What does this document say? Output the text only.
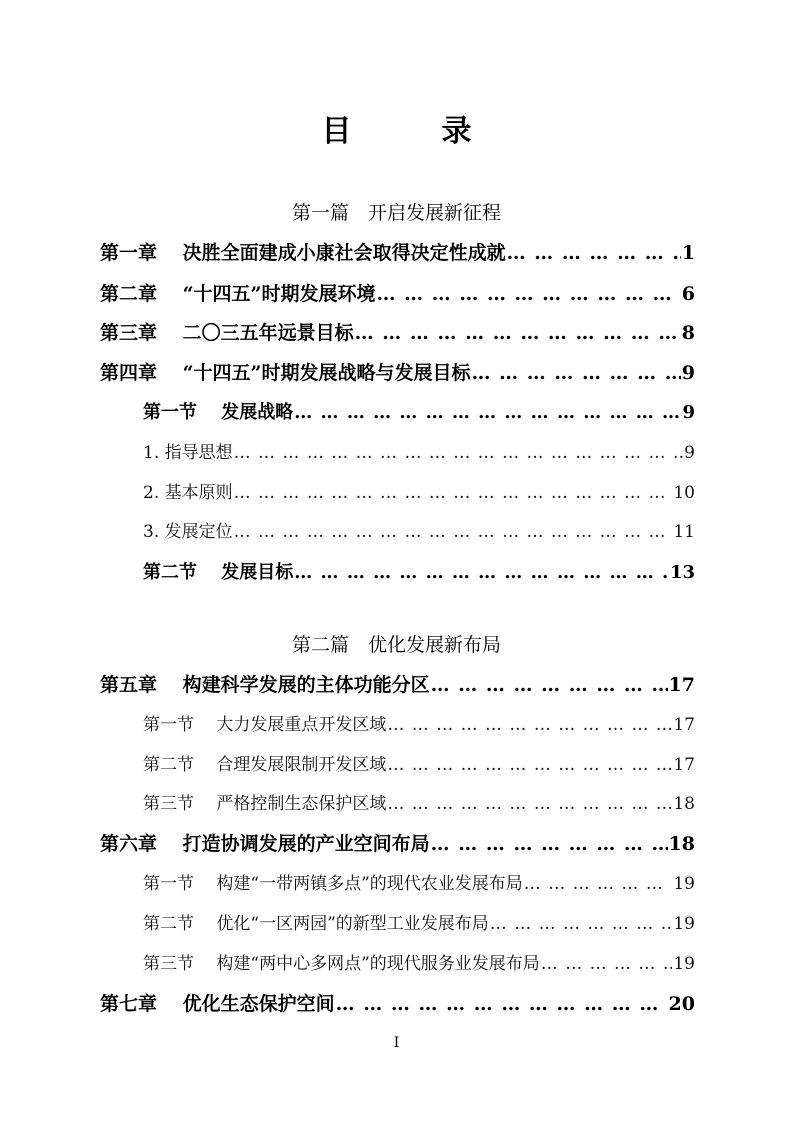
目　录
第一篇　开启发展新征程
第一章　 决胜全面建成小康社会取得决定性成就 … … … … … … … … … … … … … … … … … … … … … … … … … … … … … … … … … … … … … … … … … …	1
第二章　 “十四五”时期发展环境 … … … … … … … … … … … … … … … … … … … … … … … … … … … … … … … … … … … … … … … … … …	6
第三章　 二〇三五年远景目标 … … … … … … … … … … … … … … … … … … … … … … … … … … … … … … … … … … … … … … … … … …	8
第四章　 “十四五”时期发展战略与发展目标 … … … … … … … … … … … … … … … … … … … … … … … … … … … … … … … … … … … … … … … … … …	9
第一节　 发展战略 … … … … … … … … … … … … … … … … … … … … … … … … … … … … … … … … … … … … … … … … … …	9
1. 指导思想 … … … … … … … … … … … … … … … … … … … … … … … … … … … … … … … … … … … … … … … … … …	9
2. 基本原则 … … … … … … … … … … … … … … … … … … … … … … … … … … … … … … … … … … … … … … … … … …	10
3. 发展定位 … … … … … … … … … … … … … … … … … … … … … … … … … … … … … … … … … … … … … … … … … …	11
第二节　 发展目标 … … … … … … … … … … … … … … … … … … … … … … … … … … … … … … … … … … … … … … … … … …	13
第二篇　优化发展新布局
第五章　 构建科学发展的主体功能分区 … … … … … … … … … … … … … … … … … … … … … … … … … … … … … … … … … … … … … … … … … …	17
第一节　 大力发展重点开发区域 … … … … … … … … … … … … … … … … … … … … … … … … … … … … … … … … … … … … … … … … … …	17
第二节　 合理发展限制开发区域 … … … … … … … … … … … … … … … … … … … … … … … … … … … … … … … … … … … … … … … … … …	17
第三节　 严格控制生态保护区域 … … … … … … … … … … … … … … … … … … … … … … … … … … … … … … … … … … … … … … … … … …	18
第六章　 打造协调发展的产业空间布局 … … … … … … … … … … … … … … … … … … … … … … … … … … … … … … … … … … … … … … … … … …	18
第一节　 构建“一带两镇多点”的现代农业发展布局 … … … … … … … … … … … … … … … … … … … … … … … … … … … … … … … … … … … … … … … … … …	19
第二节　 优化“一区两园”的新型工业发展布局 … … … … … … … … … … … … … … … … … … … … … … … … … … … … … … … … … … … … … … … … … …	19
第三节　 构建“两中心多网点”的现代服务业发展布局 … … … … … … … … … … … … … … … … … … … … … … … … … … … … … … … … … … … … … … … … … …	19
第七章　 优化生态保护空间 … … … … … … … … … … … … … … … … … … … … … … … … … … … … … … … … … … … … … … … … … …	20
I
